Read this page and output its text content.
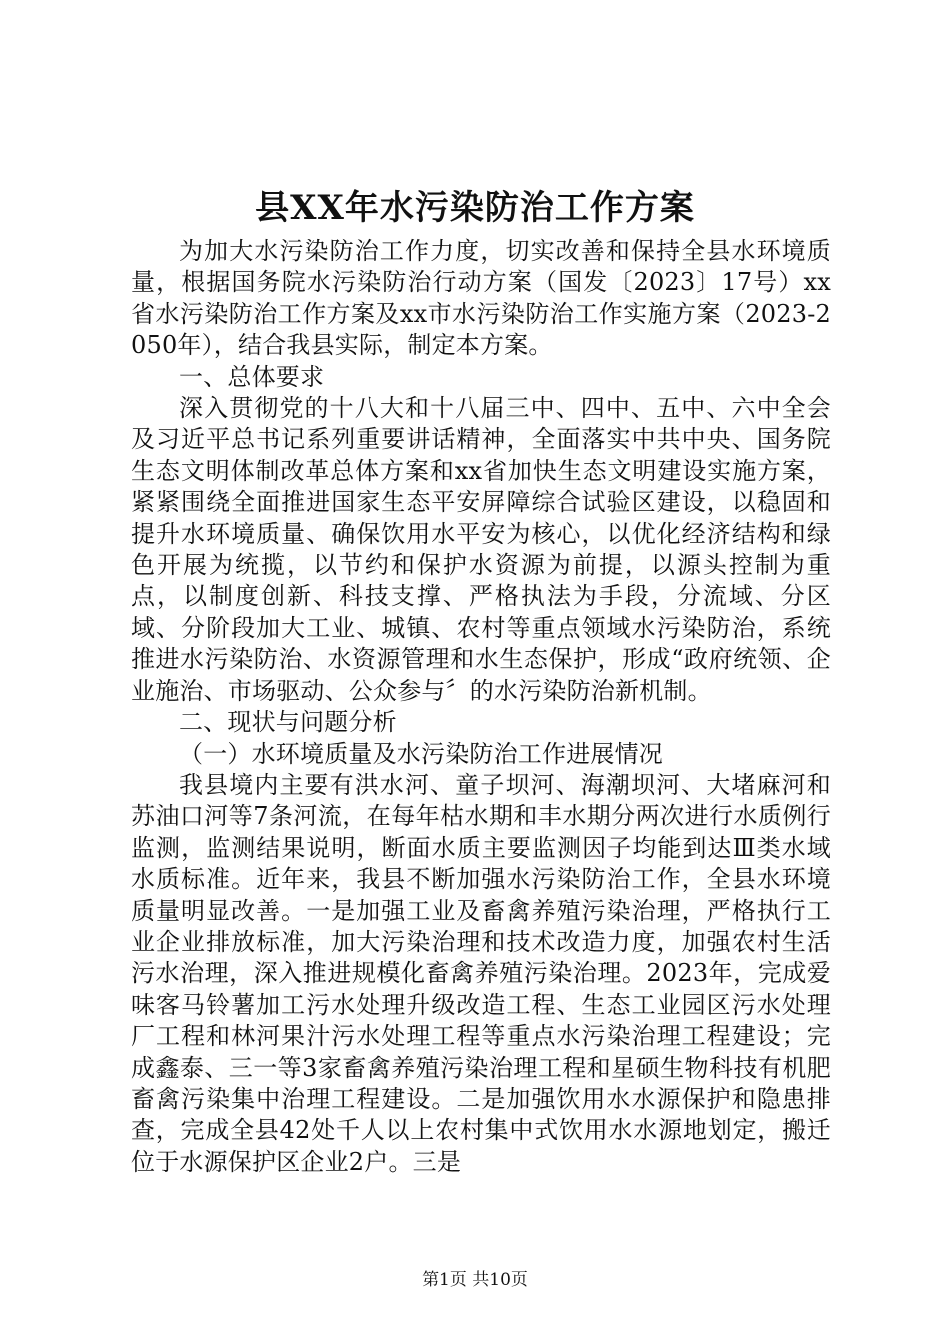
县XX年水污染防治工作方案

为加大水污染防治工作力度，切实改善和保持全县水环境质量，根据国务院水污染防治行动方案（国发〔2023〕17号）xx省水污染防治工作方案及xx市水污染防治工作实施方案（2023-2050年），结合我县实际，制定本方案。

一、总体要求

深入贯彻党的十八大和十八届三中、四中、五中、六中全会及习近平总书记系列重要讲话精神，全面落实中共中央、国务院生态文明体制改革总体方案和xx省加快生态文明建设实施方案，紧紧围绕全面推进国家生态平安屏障综合试验区建设，以稳固和提升水环境质量、确保饮用水平安为核心，以优化经济结构和绿色开展为统揽，以节约和保护水资源为前提，以源头控制为重点，以制度创新、科技支撑、严格执法为手段，分流域、分区域、分阶段加大工业、城镇、农村等重点领域水污染防治，系统推进水污染防治、水资源管理和水生态保护，形成“政府统领、企业施治、市场驱动、公众参与〞的水污染防治新机制。

二、现状与问题分析

（一）水环境质量及水污染防治工作进展情况

我县境内主要有洪水河、童子坝河、海潮坝河、大堵麻河和苏油口河等7条河流，在每年枯水期和丰水期分两次进行水质例行监测，监测结果说明，断面水质主要监测因子均能到达Ⅲ类水域水质标准。近年来，我县不断加强水污染防治工作，全县水环境质量明显改善。一是加强工业及畜禽养殖污染治理，严格执行工业企业排放标准，加大污染治理和技术改造力度，加强农村生活污水治理，深入推进规模化畜禽养殖污染治理。2023年，完成爱味客马铃薯加工污水处理升级改造工程、生态工业园区污水处理厂工程和林河果汁污水处理工程等重点水污染治理工程建设；完成鑫泰、三一等3家畜禽养殖污染治理工程和星硕生物科技有机肥畜禽污染集中治理工程建设。二是加强饮用水水源保护和隐患排查，完成全县42处千人以上农村集中式饮用水水源地划定，搬迁位于水源保护区企业2户。三是

第1页 共10页
